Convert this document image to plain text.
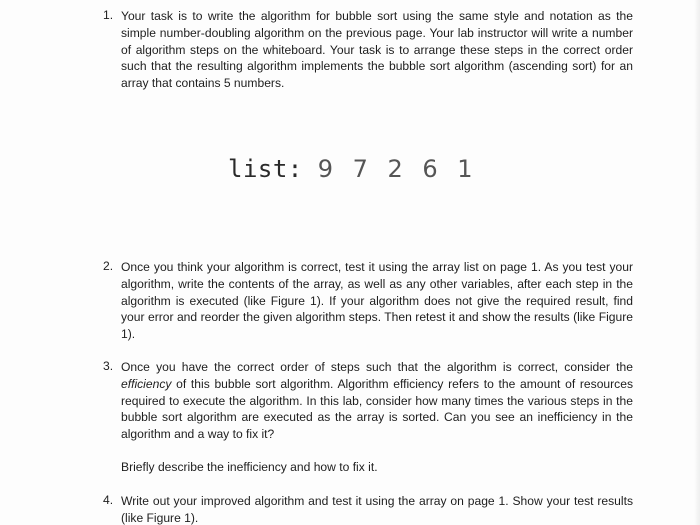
1. Your task is to write the algorithm for bubble sort using the same style and notation as the simple number-doubling algorithm on the previous page. Your lab instructor will write a number of algorithm steps on the whiteboard. Your task is to arrange these steps in the correct order such that the resulting algorithm implements the bubble sort algorithm (ascending sort) for an array that contains 5 numbers.
list: 9 7 2 6 1
2. Once you think your algorithm is correct, test it using the array list on page 1. As you test your algorithm, write the contents of the array, as well as any other variables, after each step in the algorithm is executed (like Figure 1). If your algorithm does not give the required result, find your error and reorder the given algorithm steps. Then retest it and show the results (like Figure 1).
3. Once you have the correct order of steps such that the algorithm is correct, consider the efficiency of this bubble sort algorithm. Algorithm efficiency refers to the amount of resources required to execute the algorithm. In this lab, consider how many times the various steps in the bubble sort algorithm are executed as the array is sorted. Can you see an inefficiency in the algorithm and a way to fix it?
Briefly describe the inefficiency and how to fix it.
4. Write out your improved algorithm and test it using the array on page 1. Show your test results (like Figure 1).
